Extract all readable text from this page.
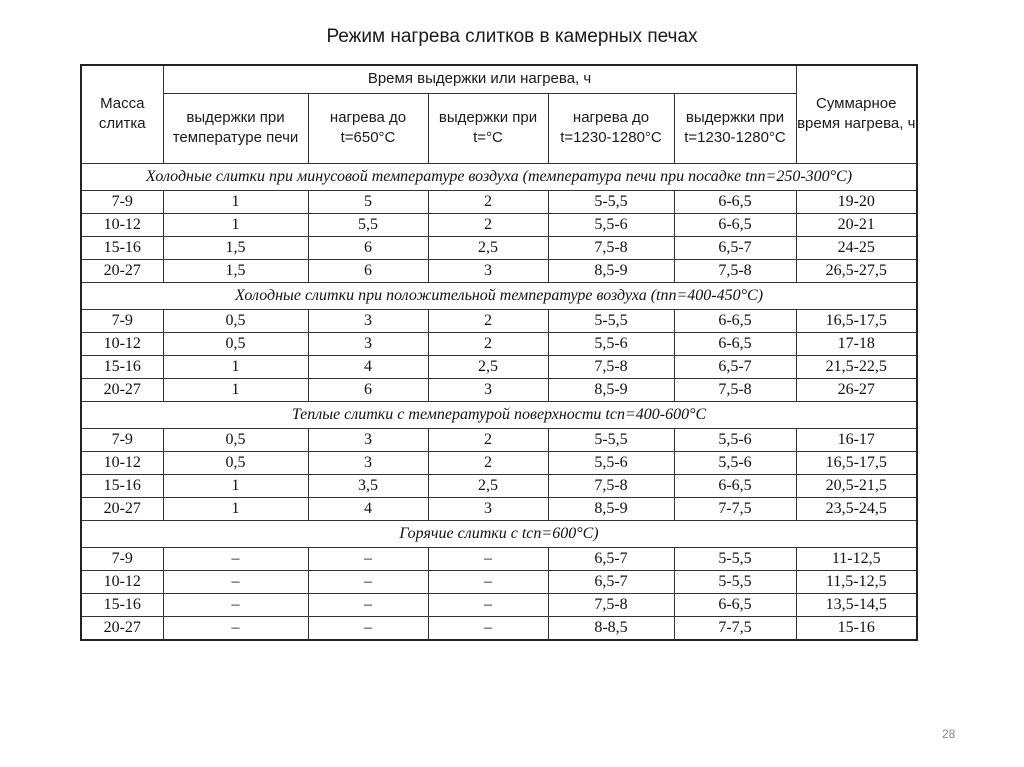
Режим нагрева слитков в камерных печах
Масса слитка	Время выдержки или нагрева, ч					Суммарное время нагрева, ч
	выдержки при температуре печи	нагрева до t=650°С	выдержки при t=°С	нагрева до t=1230-1280°С	выдержки при t=1230-1280°С	
Холодные слитки при минусовой температуре воздуха (температура печи при посадке tпп=250-300°С)						
7-9	1	5	2	5-5,5	6-6,5	19-20
10-12	1	5,5	2	5,5-6	6-6,5	20-21
15-16	1,5	6	2,5	7,5-8	6,5-7	24-25
20-27	1,5	6	3	8,5-9	7,5-8	26,5-27,5
Холодные слитки при положительной температуре воздуха (tпп=400-450°С)						
7-9	0,5	3	2	5-5,5	6-6,5	16,5-17,5
10-12	0,5	3	2	5,5-6	6-6,5	17-18
15-16	1	4	2,5	7,5-8	6,5-7	21,5-22,5
20-27	1	6	3	8,5-9	7,5-8	26-27
Теплые слитки с температурой поверхности tсп=400-600°С						
7-9	0,5	3	2	5-5,5	5,5-6	16-17
10-12	0,5	3	2	5,5-6	5,5-6	16,5-17,5
15-16	1	3,5	2,5	7,5-8	6-6,5	20,5-21,5
20-27	1	4	3	8,5-9	7-7,5	23,5-24,5
Горячие слитки с tсп=600°С)						
7-9	–	–	–	6,5-7	5-5,5	11-12,5
10-12	–	–	–	6,5-7	5-5,5	11,5-12,5
15-16	–	–	–	7,5-8	6-6,5	13,5-14,5
20-27	–	–	–	8-8,5	7-7,5	15-16
28
